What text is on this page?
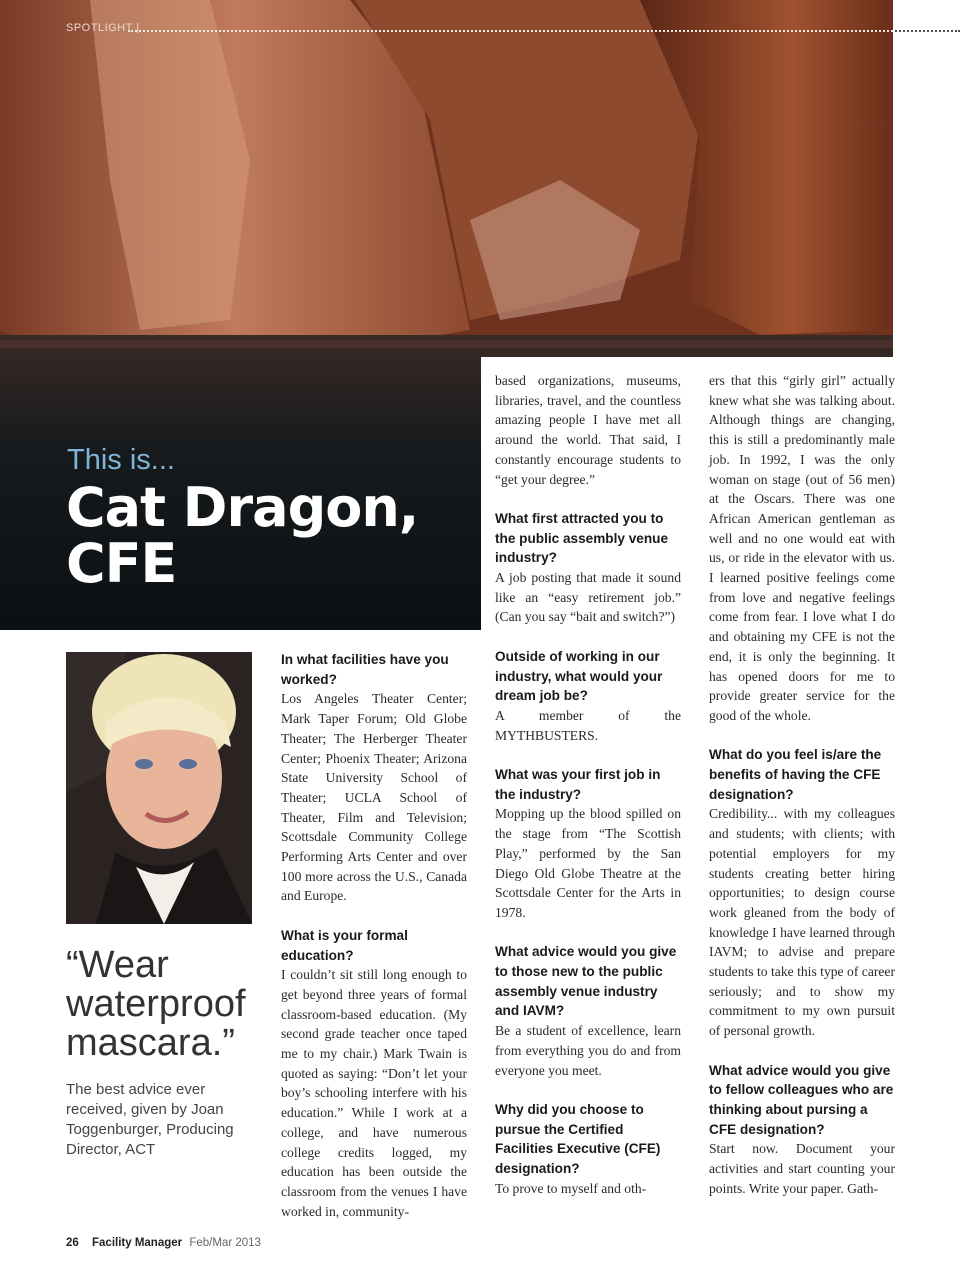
SPOTLIGHT |
This is...
Cat Dragon,
CFE
“Wear waterproof mascara.”
The best advice ever received, given by Joan Toggenburger, Producing Director, ACT
In what facilities have you worked?

Los Angeles Theater Center; Mark Taper Forum; Old Globe Theater; The Herberger Theater Center; Phoenix Theater; Arizona State University School of Theater; UCLA School of Theater, Film and Television; Scottsdale Community College Performing Arts Center and over 100 more across the U.S., Canada and Europe.

What is your formal education?

I couldn’t sit still long enough to get beyond three years of formal classroom-based education. (My second grade teacher once taped me to my chair.) Mark Twain is quoted as saying: “Don’t let your boy’s schooling interfere with his education.” While I work at a college, and have numerous college credits logged, my education has been outside the classroom from the venues I have worked in, community-

based organizations, museums, libraries, travel, and the countless amazing people I have met all around the world. That said, I constantly encourage students to “get your degree.”

What first attracted you to the public assembly venue industry?

A job posting that made it sound like an “easy retirement job.” (Can you say “bait and switch?”)

Outside of working in our industry, what would your dream job be?

A member of the MYTHBUSTERS.

What was your first job in the industry?

Mopping up the blood spilled on the stage from “The Scottish Play,” performed by the San Diego Old Globe Theatre at the Scottsdale Center for the Arts in 1978.

What advice would you give to those new to the public assembly venue industry and IAVM?

Be a student of excellence, learn from everything you do and from everyone you meet.

Why did you choose to pursue the Certified Facilities Executive (CFE) designation?

To prove to myself and oth-

ers that this “girly girl” actually knew what she was talking about. Although things are changing, this is still a predominantly male job. In 1992, I was the only woman on stage (out of 56 men) at the Oscars. There was one African American gentleman as well and no one would eat with us, or ride in the elevator with us. I learned positive feelings come from love and negative feelings come from fear. I love what I do and obtaining my CFE is not the end, it is only the beginning. It has opened doors for me to provide greater service for the good of the whole.

What do you feel is/are the benefits of having the CFE designation?

Credibility... with my colleagues and students; with clients; with potential employers for my students creating better hiring opportunities; to design course work gleaned from the body of knowledge I have learned through IAVM; to advise and prepare students to take this type of career seriously; and to show my commitment to my own pursuit of personal growth.

What advice would you give to fellow colleagues who are thinking about pursing a CFE designation?

Start now. Document your activities and start counting your points. Write your paper. Gath-

26 Facility Manager Feb/Mar 2013
